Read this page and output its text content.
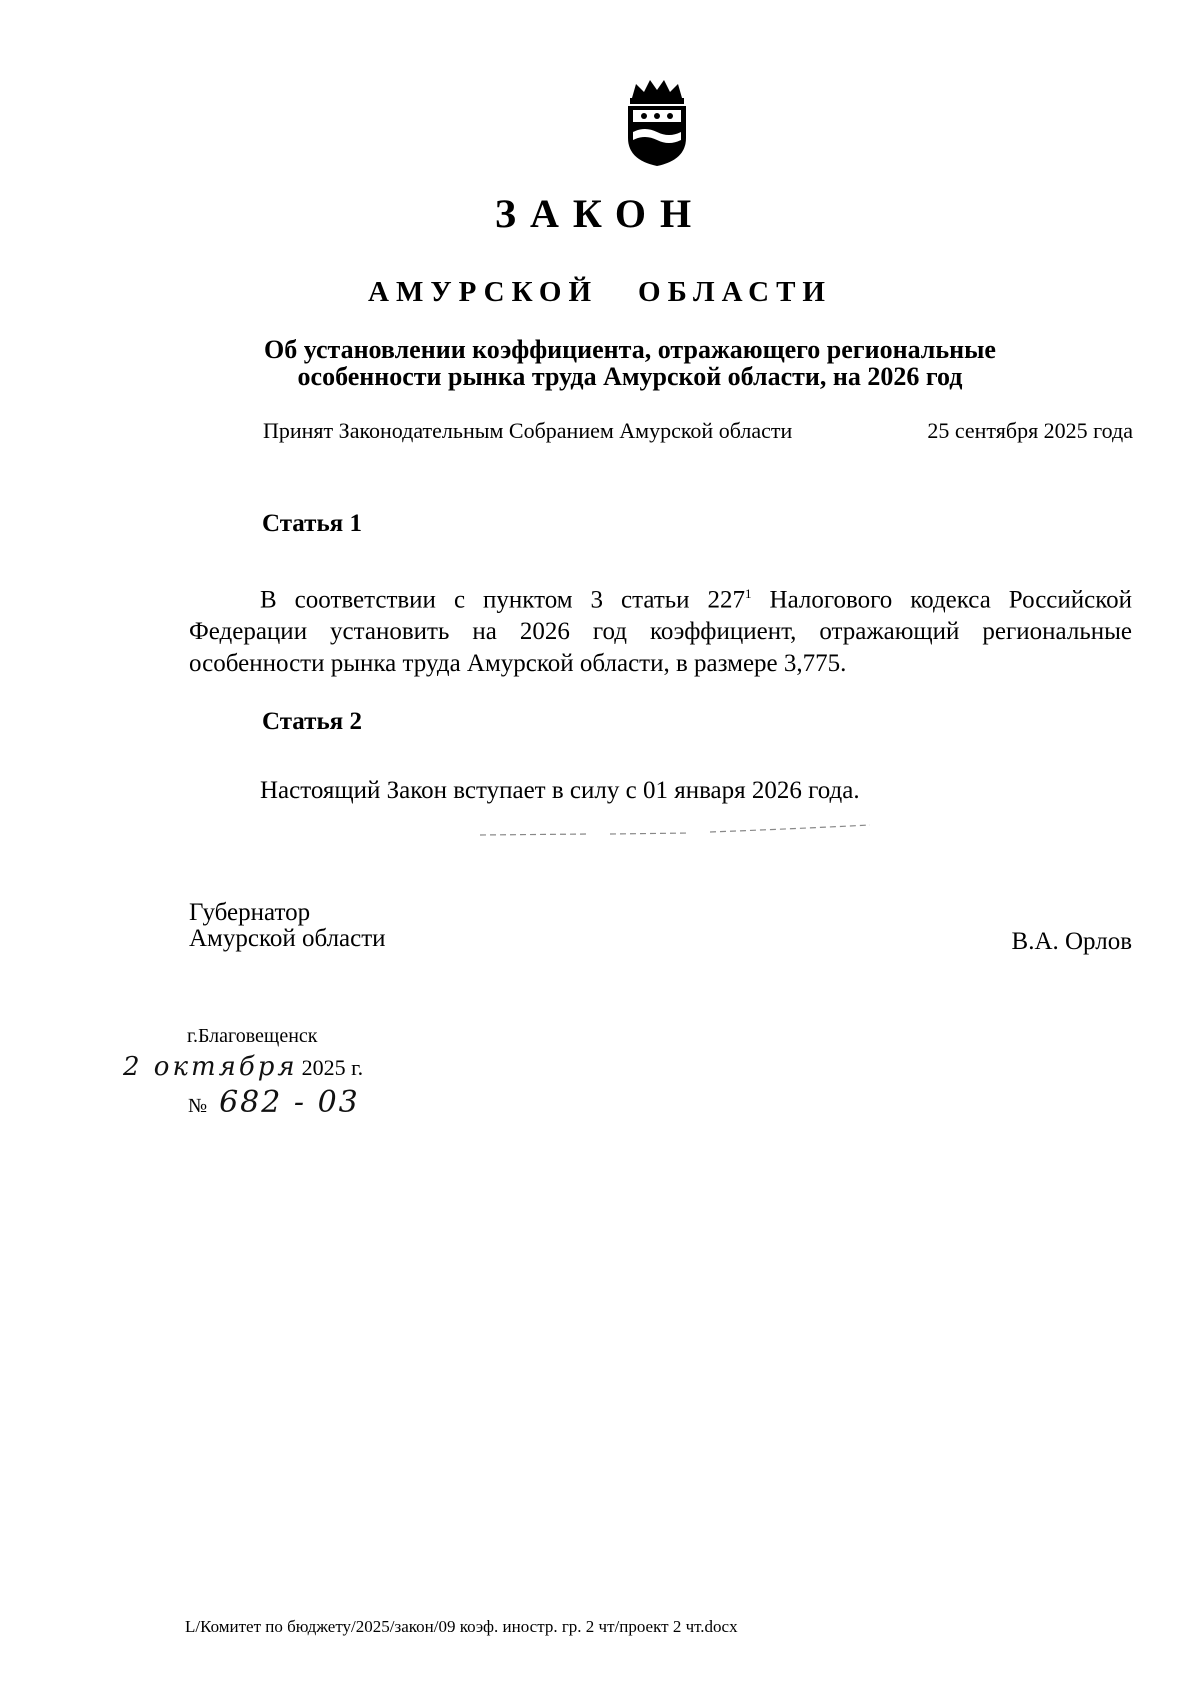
ЗАКОН
АМУРСКОЙ ОБЛАСТИ
Об установлении коэффициента, отражающего региональные
особенности рынка труда Амурской области, на 2026 год
Принят Законодательным Собранием Амурской области	25 сентября 2025 года
Статья 1
В соответствии с пунктом 3 статьи $227^1$ Налогового кодекса Российской Федерации установить на 2026 год коэффициент, отражающий региональные особенности рынка труда Амурской области, в размере 3,775.
Статья 2
Настоящий Закон вступает в силу с 01 января 2026 года.
Губернатор
Амурской области	В.А. Орлов
г.Благовещенск
2 октября 2025 г.
№ 682 - 03
L/Комитет по бюджету/2025/закон/09 коэф. иностр. гр. 2 чт/проект 2 чт.docx
